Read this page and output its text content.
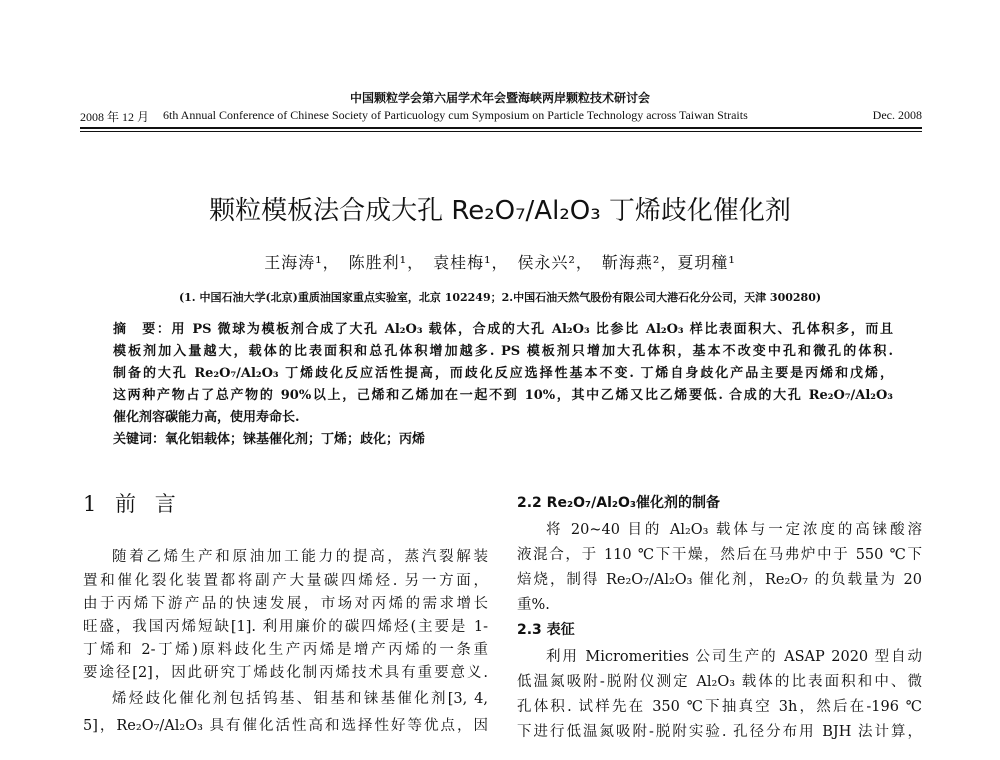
中国颗粒学会第六届学术年会暨海峡两岸颗粒技术研讨会
2008 年 12 月 6th Annual Conference of Chinese Society of Particuology cum Symposium on Particle Technology across Taiwan Straits	Dec. 2008
颗粒模板法合成大孔 Re₂O₇/Al₂O₃ 丁烯歧化催化剂
王海涛¹，　陈胜利¹，　袁桂梅¹，　侯永兴²，　靳海燕²，夏玥穜¹
(1. 中国石油大学(北京)重质油国家重点实验室，北京 102249；2.中国石油天然气股份有限公司大港石化分公司，天津 300280)
摘　要：用 PS 微球为模板剂合成了大孔 Al₂O₃ 载体，合成的大孔 Al₂O₃ 比参比 Al₂O₃ 样比表面积大、孔体积多，而且
模板剂加入量越大，载体的比表面积和总孔体积增加越多. PS 模板剂只增加大孔体积，基本不改变中孔和微孔的体积.
制备的大孔 Re₂O₇/Al₂O₃ 丁烯歧化反应活性提高，而歧化反应选择性基本不变. 丁烯自身歧化产品主要是丙烯和戊烯，
这两种产物占了总产物的 90%以上，己烯和乙烯加在一起不到 10%，其中乙烯又比乙烯要低. 合成的大孔 Re₂O₇/Al₂O₃
催化剂容碳能力高，使用寿命长.
关键词：氧化铝载体；铼基催化剂；丁烯；歧化；丙烯
1 前 言
随着乙烯生产和原油加工能力的提高，蒸汽裂解装
置和催化裂化装置都将副产大量碳四烯烃. 另一方面，
由于丙烯下游产品的快速发展，市场对丙烯的需求增长
旺盛，我国丙烯短缺[1]. 利用廉价的碳四烯烃(主要是 1-
丁烯和 2-丁烯)原料歧化生产丙烯是增产丙烯的一条重
要途径[2]，因此研究丁烯歧化制丙烯技术具有重要意义.
烯烃歧化催化剂包括钨基、钼基和铼基催化剂[3, 4,
5]，Re₂O₇/Al₂O₃ 具有催化活性高和选择性好等优点，因
2.2 Re₂O₇/Al₂O₃催化剂的制备
将 20~40 目的 Al₂O₃ 载体与一定浓度的高铼酸溶
液混合，于 110 ℃下干燥，然后在马弗炉中于 550 ℃下
焙烧，制得 Re₂O₇/Al₂O₃ 催化剂，Re₂O₇ 的负载量为 20
重%.
2.3 表征
利用 Micromerities 公司生产的 ASAP 2020 型自动
低温氮吸附-脱附仪测定 Al₂O₃ 载体的比表面积和中、微
孔体积. 试样先在 350 ℃下抽真空 3h，然后在-196 ℃
下进行低温氮吸附-脱附实验. 孔径分布用 BJH 法计算，
